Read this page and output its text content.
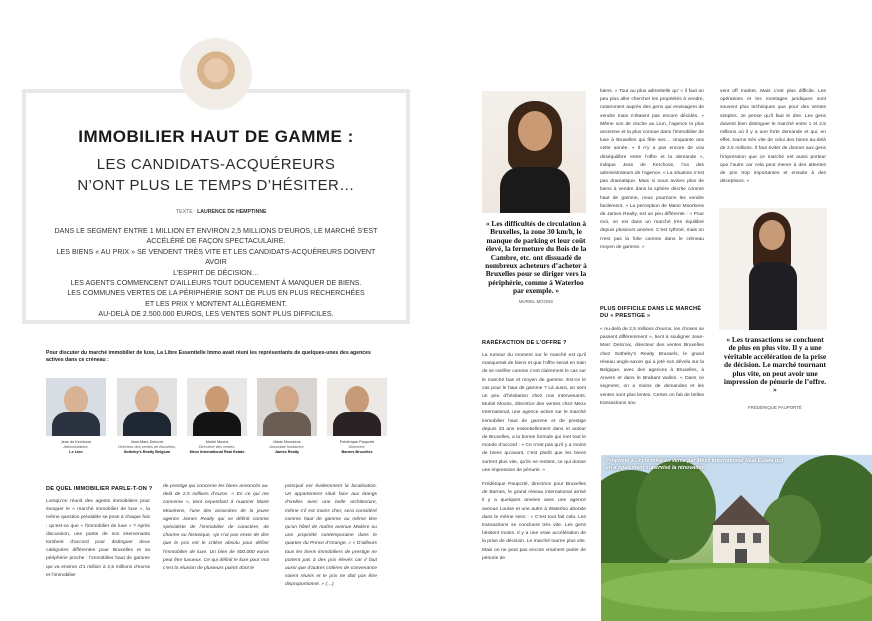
IMMOBILIER HAUT DE GAMME :
LES CANDIDATS-ACQUÉREURS
N’ONT PLUS LE TEMPS D’HÉSITER…
TEXTE : LAURENCE DE HEMPTINNE
DANS LE SEGMENT ENTRE 1 MILLION ET ENVIRON 2,5 MILLIONS D’EUROS, LE MARCHÉ S’EST
ACCÉLÉRÉ DE FAÇON SPECTACULAIRE.
LES BIENS « AU PRIX » SE VENDENT TRÈS VITE ET LES CANDIDATS-ACQUÉREURS DOIVENT AVOIR
L’ESPRIT DE DÉCISION…
LES AGENTS COMMENCENT D’AILLEURS TOUT DOUCEMENT À MANQUER DE BIENS.
LES COMMUNES VERTES DE LA PÉRIPHÉRIE SONT DE PLUS EN PLUS RECHERCHÉES
ET LES PRIX Y MONTENT ALLÈGREMENT.
AU-DELÀ DE 2.500.000 EUROS, LES VENTES SONT PLUS DIFFICILES.
Pour discuter du marché immobilier de luxe, La Libre Essentielle Immo avait réuni les représentants de quelques-unes des agences actives dans ce créneau :
Jean de Kerchove
Administrateur,
Le Lion
Jean-Marc Delcroix
Directeur des ventes de Bruxelles,
Sotheby’s Realty Belgium
Muriel Moons
Directrice des ventes,
Mexx International Real Estate
Marie Moorkens
Associate fondatrice,
James Realty
Frédérique Paupcrté
Directrice,
Barnes Bruxelles
DE QUEL IMMOBILIER PARLE-T-ON ?
Lorsqu’on réunit des agents immobiliers pour évoquer le « marché immobilier de luxe », la même question préalable se pose à chaque fois : qu’est-ce que « l’immobilier de luxe » ? Après discussion, une partie de nos intervenants tombent d’accord pour distinguer deux catégories différentes pour Bruxelles et sa périphérie proche : l’immobilier haut de gamme qui va environ d’1 million à 2,5 millions d’euros et l’immobilier
de prestige qui concerne les biens annoncés au-delà de 2,5 millions d’euros. « En ce qui me concerne », tient cependant à nuancer Marie Moorkens, l’une des associées de la jeune agence James Realty qui se définit comme spécialiste de l’immobilier de caractère, de charme ou historique, »je n’ai pas envie de dire que le prix est le critère absolu pour définir l’immobilier de luxe. Un bien de 500.000 euros peut être luxueux. Ce qui définit le luxe pour moi c’est la réunion de plusieurs points dont le
principal est évidemment la localisation. Un appartement situé face aux étangs d’Ixelles avec une belle architecture, même s’il est moins cher, sera considéré comme haut de gamme au même titre qu’un hôtel de maître avenue Molière ou une propriété contemporaine dans le quartier du Prince d’Orange. » « D’ailleurs tous les biens immobiliers de prestige ne portent pas à des prix élevés car il faut aussi que d’autres critères de convenance soient réunis et le prix ne doit pas être disproportionné. » (…)
« Les difficultés de circulation à Bruxelles, la zone 30 km/h, le manque de parking et leur coût élevé, la fermeture du Bois de la Cambre, etc. ont dissuadé de nombreux acheteurs d’acheter à Bruxelles pour se diriger vers la périphérie, comme à Waterloo par exemple. »
MURIEL MOONS
RARÉFACTION DE L’OFFRE ?

La rumeur du moment sur le marché est qu’il manquerait de biens et que l’offre serait en train de se raréfier comme c’est clairement le cas sur le marché bas et moyen de gamme. Est-ce le cas pour le haut de gamme ? Là aussi, un sent un peu d’hésitation chez nos intervenants. Muriel Moons, directrice des ventes chez Mexx International, une agence active sur le marché immobilier haut de gamme et de prestige depuis 33 ans essentiellement dans et autour de Bruxelles, a la bonne formule qui met tout le monde d’accord : « Ce n’est pas qu’il y a moins de biens qu’avant, c’est plutôt que les biens sortent plus vite, qu’ils ne restent, ce qui donne une impression de pénurie. »

Frédérique Paupcrté, directrice pour Bruxelles de Barnes, le grand réseau international arrivé il y a quelques années avec une agence avenue Louise et une autre à Waterloo abonde dans le même sens : « C’est tout fait cela. Les transactions se concluent très vite. Les gens hésitent moins. Il y a une vraie accélération de la prise de décision. Le marché tourne plus vite. Mais on ne peut pas encore vraiment parler de pénurie de

biens. » Tout au plus admettelle qu’ « il faut un peu plus aller chercher les propriétés à vendre, notamment auprès des gens qui envisagent de vendre mais n’étaient pas encore décidés. » Même son de cloche au Lion, l’agence la plus ancienne et la plus connue dans l’immobilier de luxe à Bruxelles qui fête ses… cinquante ans cette année. « Il n’y a pas encore de vrai déséquilibre entre l’offre et la demande », indique Jean de Kerchove, l’un des administrateurs de l’agence. « La situation n’est pas dramatique. Mais si nous avions plus de biens à vendre dans la sphère décrite comme haut de gamme, nous pourrions les vendre facilement. » La perception de Marie Moorkens de James Realty, est un peu différente : « Pour moi, on est dans un marché très équilibré depuis plusieurs années. C’est rythmé, mais on n’est pas la folie comme dans le créneau moyen de gamme. »
PLUS DIFFICILE DANS LE MARCHÉ
DU « PRESTIGE »
« Au-delà de 2,5 millions d’euros, les choses se passent différemment », tient à souligner Jean-Marc Delcroix, directeur des ventes Bruxelles chez Sotheby’s Realty Brussels, le grand réseau anglo-saxon qui a jeté son dévolu sur la Belgique, avec des agences à Bruxelles, à Anvers et dans le Brabant wallon. « Dans ce segment, on a moins de demandes et les ventes sont plus lentes. Certes on fait de belles transactions sou
vent off market. Mais c’est plus difficile. Les opérations et les montages juridiques sont souvent plus techniques que pour des ventes simples. Je pense qu’il faut le dire. Les gens doivent bien distinguer le marché entre 1 et 2,5 millions où il y a une forte demande et qui, en effet, tourne très vite de celui des biens au-delà de 2,5 millions. Il faut éviter de donner aux gens l’impression que ce marché est aussi porteur que l’autre car cela peut mener à des attentes de prix trop importantes et ensuite à des déceptions. »
« Les transactions se concluent de plus en plus vite. Il y a une véritable accélération de la prise de décision. Le marché tournant plus vite, on peut avoir une impression de pénurie de l’offre. »
FRÉDÉRIQUE PAUPORTÉ
Propriété à Uccle mise en vente par Mexx International Real Estate qui en a également supervisé la rénovation
